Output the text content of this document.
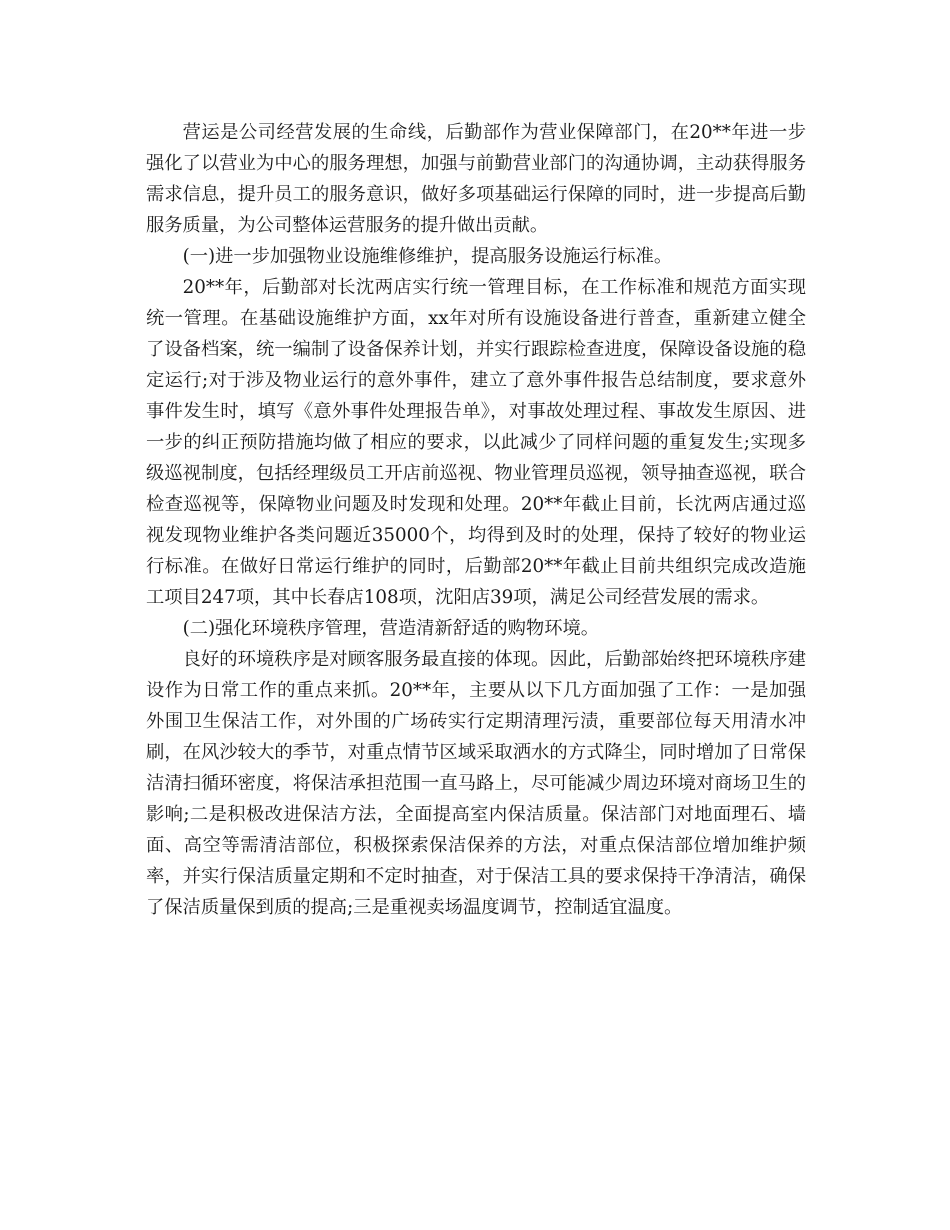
营运是公司经营发展的生命线，后勤部作为营业保障部门，在20**年进一步强化了以营业为中心的服务理想，加强与前勤营业部门的沟通协调，主动获得服务需求信息，提升员工的服务意识，做好多项基础运行保障的同时，进一步提高后勤服务质量，为公司整体运营服务的提升做出贡献。

(一)进一步加强物业设施维修维护，提高服务设施运行标准。

20**年，后勤部对长沈两店实行统一管理目标，在工作标准和规范方面实现统一管理。在基础设施维护方面，xx年对所有设施设备进行普查，重新建立健全了设备档案，统一编制了设备保养计划，并实行跟踪检查进度，保障设备设施的稳定运行;对于涉及物业运行的意外事件，建立了意外事件报告总结制度，要求意外事件发生时，填写《意外事件处理报告单》，对事故处理过程、事故发生原因、进一步的纠正预防措施均做了相应的要求，以此减少了同样问题的重复发生;实现多级巡视制度，包括经理级员工开店前巡视、物业管理员巡视，领导抽查巡视，联合检查巡视等，保障物业问题及时发现和处理。20**年截止目前，长沈两店通过巡视发现物业维护各类问题近35000个，均得到及时的处理，保持了较好的物业运行标准。在做好日常运行维护的同时，后勤部20**年截止目前共组织完成改造施工项目247项，其中长春店108项，沈阳店39项，满足公司经营发展的需求。

(二)强化环境秩序管理，营造清新舒适的购物环境。

良好的环境秩序是对顾客服务最直接的体现。因此，后勤部始终把环境秩序建设作为日常工作的重点来抓。20**年，主要从以下几方面加强了工作：一是加强外围卫生保洁工作，对外围的广场砖实行定期清理污渍，重要部位每天用清水冲刷，在风沙较大的季节，对重点情节区域采取洒水的方式降尘，同时增加了日常保洁清扫循环密度，将保洁承担范围一直马路上，尽可能减少周边环境对商场卫生的影响;二是积极改进保洁方法，全面提高室内保洁质量。保洁部门对地面理石、墙面、高空等需清洁部位，积极探索保洁保养的方法，对重点保洁部位增加维护频率，并实行保洁质量定期和不定时抽查，对于保洁工具的要求保持干净清洁，确保了保洁质量保到质的提高;三是重视卖场温度调节，控制适宜温度。
